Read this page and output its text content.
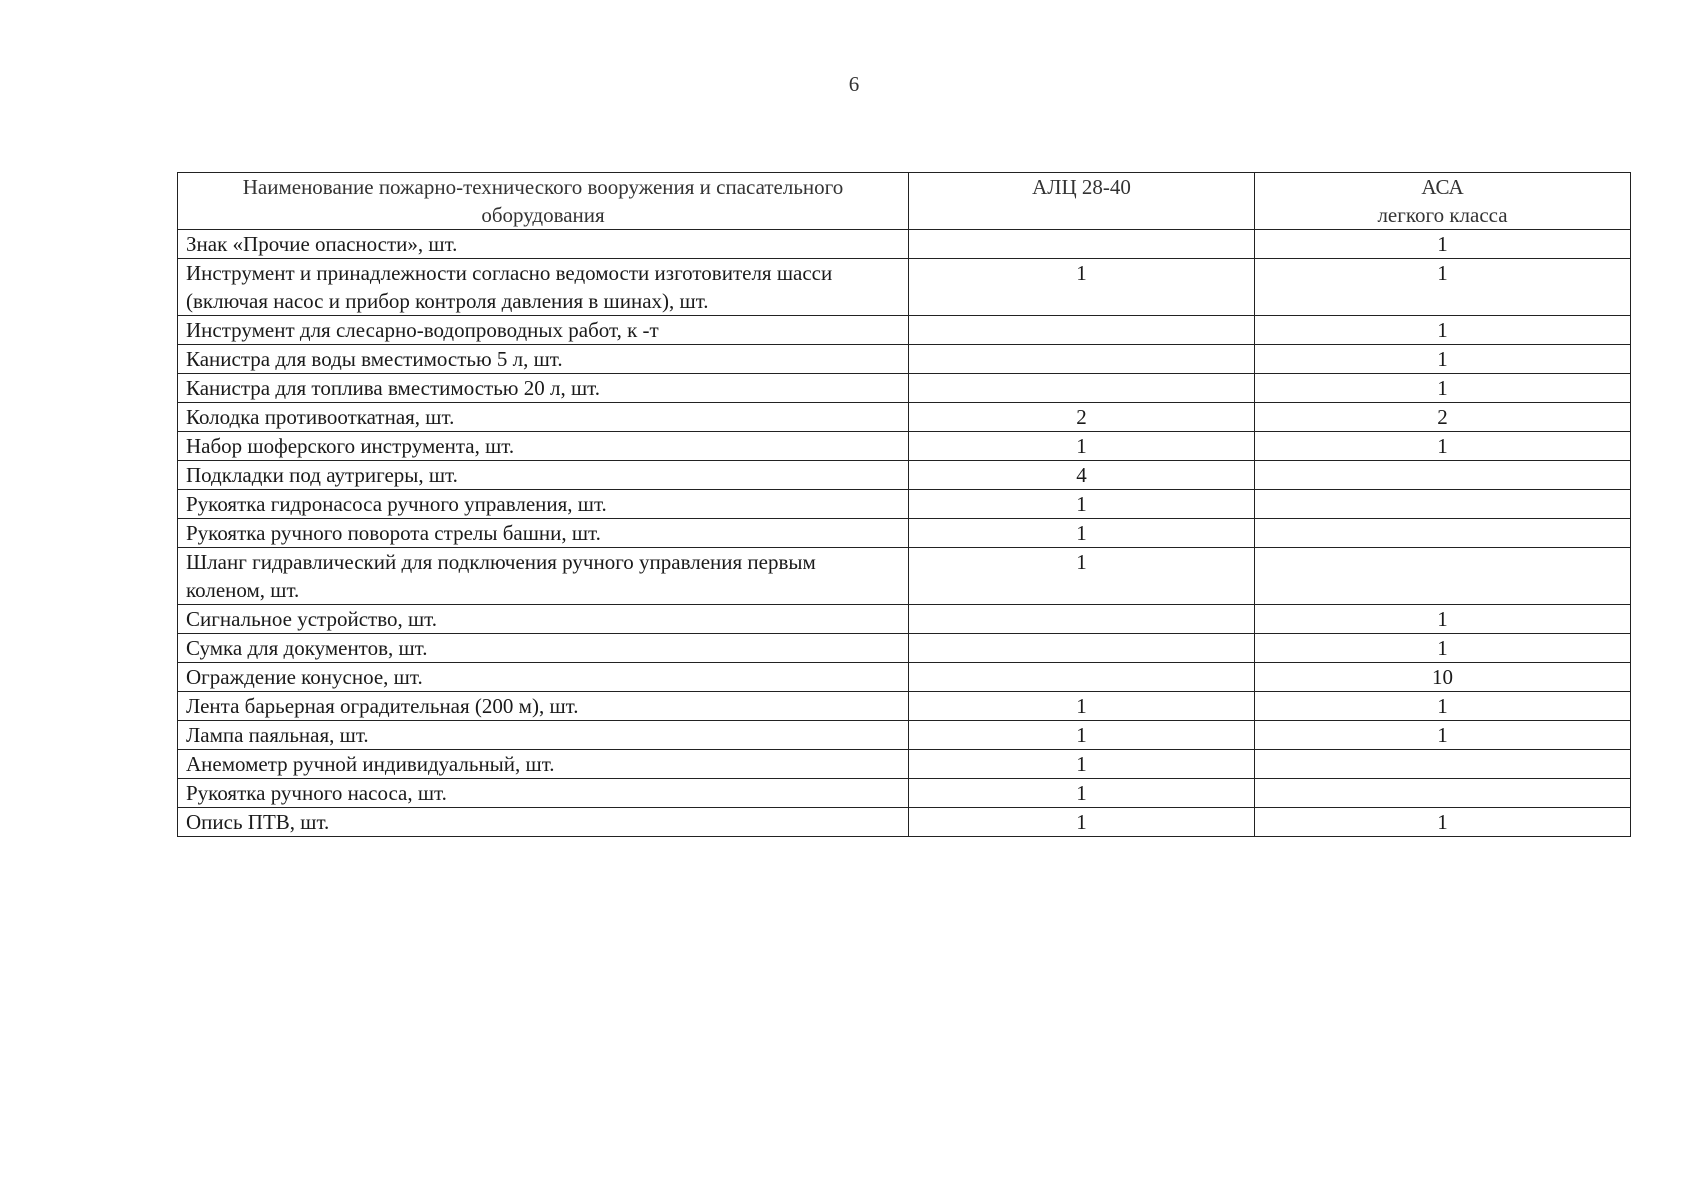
6
Наименование пожарно-технического вооружения и спасательного оборудования	АЛЦ 28-40	АСА
легкого класса

Знак «Прочие опасности», шт.		1
Инструмент и принадлежности согласно ведомости изготовителя шасси (включая насос и прибор контроля давления в шинах), шт.	1	1
Инструмент для слесарно-водопроводных работ, к -т		1
Канистра для воды вместимостью 5 л, шт.		1
Канистра для топлива вместимостью 20 л, шт.		1
Колодка противооткатная, шт.	2	2
Набор шоферского инструмента, шт.	1	1
Подкладки под аутригеры, шт.	4	
Рукоятка гидронасоса ручного управления, шт.	1	
Рукоятка ручного поворота стрелы башни, шт.	1	
Шланг гидравлический для подключения ручного управления первым коленом, шт.	1	
Сигнальное устройство, шт.		1
Сумка для документов, шт.		1
Ограждение конусное, шт.		10
Лента барьерная оградительная (200 м), шт.	1	1
Лампа паяльная, шт.	1	1
Анемометр ручной индивидуальный, шт.	1	
Рукоятка ручного насоса, шт.	1	
Опись ПТВ, шт.	1	1
